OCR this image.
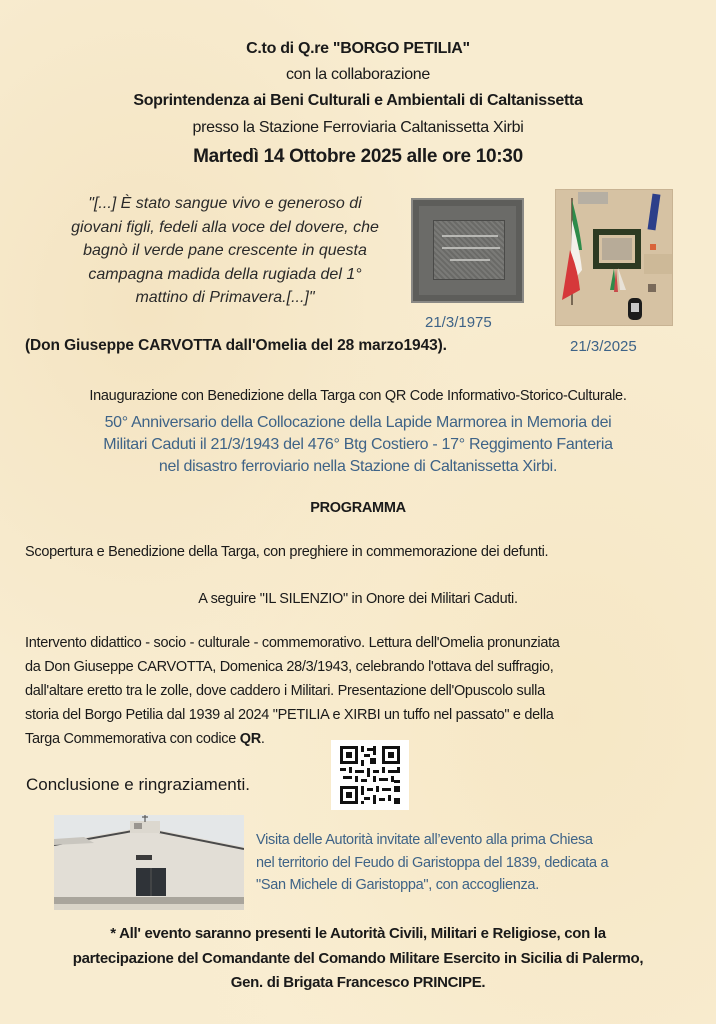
C.to di Q.re "BORGO PETILIA"
con la collaborazione
Soprintendenza ai Beni Culturali e Ambientali di Caltanissetta
presso la Stazione Ferroviaria Caltanissetta Xirbi
Martedì 14 Ottobre 2025 alle ore 10:30
"[...] È stato sangue vivo e generoso di
giovani figli, fedeli alla voce del dovere, che
bagnò il verde pane crescente in questa
campagna madida della rugiada del 1°
mattino di Primavera.[...]"
(Don Giuseppe CARVOTTA dall'Omelia del 28 marzo1943).
21/3/1975
21/3/2025
Inaugurazione con Benedizione della Targa con QR Code Informativo-Storico-Culturale.
50° Anniversario della Collocazione della Lapide Marmorea in Memoria dei
Militari Caduti il 21/3/1943 del 476° Btg Costiero - 17° Reggimento Fanteria
nel disastro ferroviario nella Stazione di Caltanissetta Xirbi.
PROGRAMMA
Scopertura e Benedizione della Targa, con preghiere in commemorazione dei defunti.
A seguire "IL SILENZIO" in Onore dei Militari Caduti.
Intervento didattico - socio - culturale - commemorativo. Lettura dell'Omelia pronunziata
da Don Giuseppe CARVOTTA, Domenica 28/3/1943, celebrando l'ottava del suffragio,
dall'altare eretto tra le zolle, dove caddero i Militari. Presentazione dell'Opuscolo sulla
storia del Borgo Petilia dal 1939 al 2024 "PETILIA e XIRBI un tuffo nel passato" e della
Targa Commemorativa con codice QR.
Conclusione e ringraziamenti.
Visita delle Autorità invitate all’evento alla prima Chiesa
nel territorio del Feudo di Garistoppa del 1839, dedicata a
"San Michele di Garistoppa", con accoglienza.
* All' evento saranno presenti le Autorità Civili, Militari e Religiose, con la
partecipazione del Comandante del Comando Militare Esercito in Sicilia di Palermo,
Gen. di Brigata Francesco PRINCIPE.
